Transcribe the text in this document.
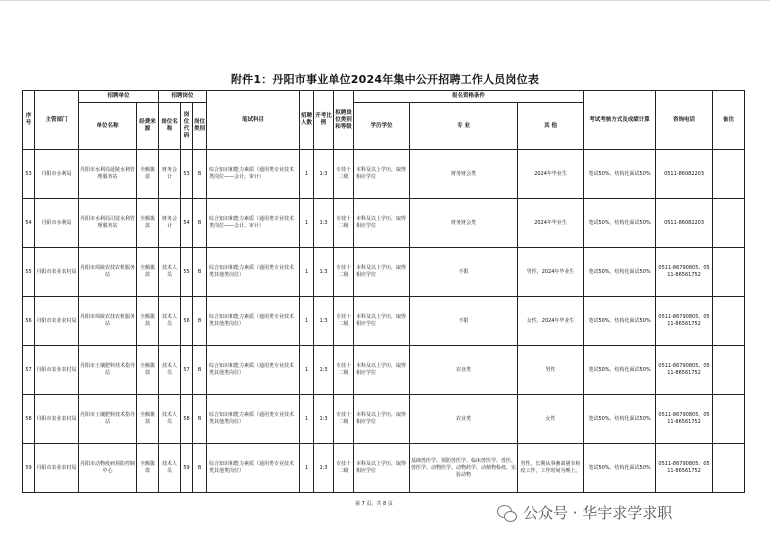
附件1：丹阳市事业单位2024年集中公开招聘工作人员岗位表
序号	主管部门	招聘单位		招聘岗位			笔试科目	招聘人数	开考比例	拟聘岗位类别和等级	报名资格条件			考试考核方式及成绩计算	咨询电话	备注
		单位名称	经费来源	岗位名称	岗位代码	岗位类别					学历学位	专 业	其 他			
53	丹阳市水利局	丹阳市水利局延陵水利管理服务站	全额拨款	财务会计	53	B	综合知识和能力素质（通用类专业技术类岗位——会计、审计）	1	1:3	专技十二级	本科及以上学历，取得相应学位	财务财会类	2024年毕业生	笔试50%，结构化面试50%	0511-86082203	
54	丹阳市水利局	丹阳市水利局司徒水利管理服务站	全额拨款	财务会计	54	B	综合知识和能力素质（通用类专业技术类岗位——会计、审计）	1	1:3	专技十二级	本科及以上学历，取得相应学位	财务财会类	2024年毕业生	笔试50%，结构化面试50%	0511-86082203	
55	丹阳市农业农村局	丹阳市珥陵农技农机服务站	全额拨款	技术人员	55	B	综合知识和能力素质（通用类专业技术类其他类岗位）	1	1:3	专技十二级	本科及以上学历，取得相应学位	不限	男性，2024年毕业生	笔试50%，结构化面试50%	0511-86790805、0511-86561752	
56	丹阳市农业农村局	丹阳市珥陵农技农机服务站	全额拨款	技术人员	56	B	综合知识和能力素质（通用类专业技术类其他类岗位）	1	1:3	专技十二级	本科及以上学历，取得相应学位	不限	女性，2024年毕业生	笔试50%，结构化面试50%	0511-86790805、0511-86561752	
57	丹阳市农业农村局	丹阳市土壤肥料技术指导站	全额拨款	技术人员	57	B	综合知识和能力素质（通用类专业技术类其他类岗位）	1	1:3	专技十二级	本科及以上学历，取得相应学位	农业类	男性	笔试50%，结构化面试50%	0511-86790805、0511-86561752	
58	丹阳市农业农村局	丹阳市土壤肥料技术指导站	全额拨款	技术人员	58	B	综合知识和能力素质（通用类专业技术类其他类岗位）	1	1:3	专技十二级	本科及以上学历，取得相应学位	农业类	女性	笔试50%，结构化面试50%	0511-86790805、0511-86561752	
59	丹阳市农业农村局	丹阳市动物疫病预防控制中心	全额拨款	技术人员	59	B	综合知识和能力素质（通用类专业技术类其他类岗位）	1	1:3	专技十二级	本科及以上学历，取得相应学位	基础兽医学、预防兽医学、临床兽医学、兽医、兽医学、动物医学、动物药学、动植物检疫、实验动物	男性，长期从事畜禽屠宰检疫工作，工作时间为晚上。	笔试50%，结构化面试50%	0511-86790805、0511-86561752	
第 7 页，共 8 页	公众号 · 华宇求学求职
